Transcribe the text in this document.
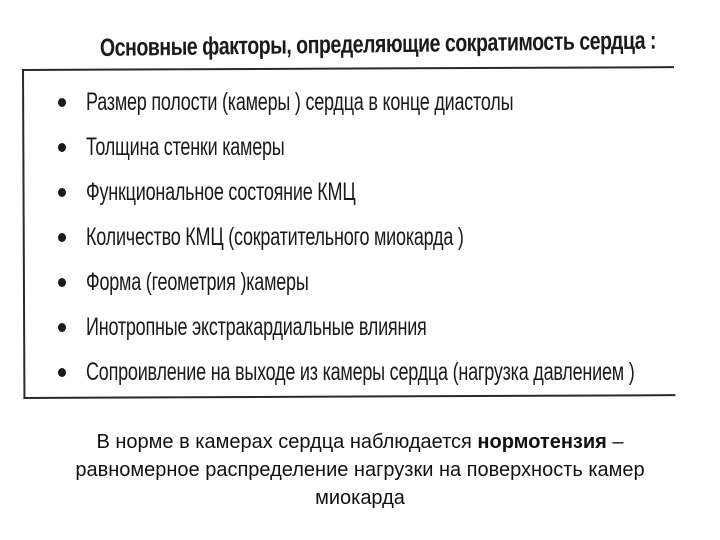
Основные факторы, определяющие сократимость сердца :
Размер полости (камеры ) сердца в конце диастолы
Толщина стенки камеры
Функциональное состояние КМЦ
Количество КМЦ (сократительного миокарда )
Форма (геометрия )камеры
Инотропные экстракардиальные влияния
Сопроивление на выходе из камеры сердца (нагрузка давлением )
В норме в камерах сердца наблюдается нормотензия – равномерное распределение нагрузки на поверхность камер миокарда
